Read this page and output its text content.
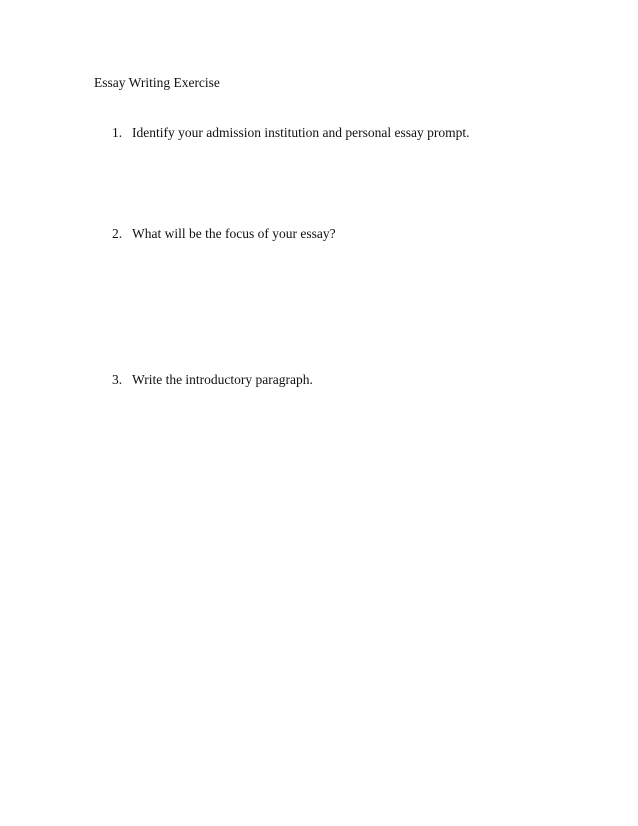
Essay Writing Exercise
1. Identify your admission institution and personal essay prompt.
2. What will be the focus of your essay?
3. Write the introductory paragraph.
